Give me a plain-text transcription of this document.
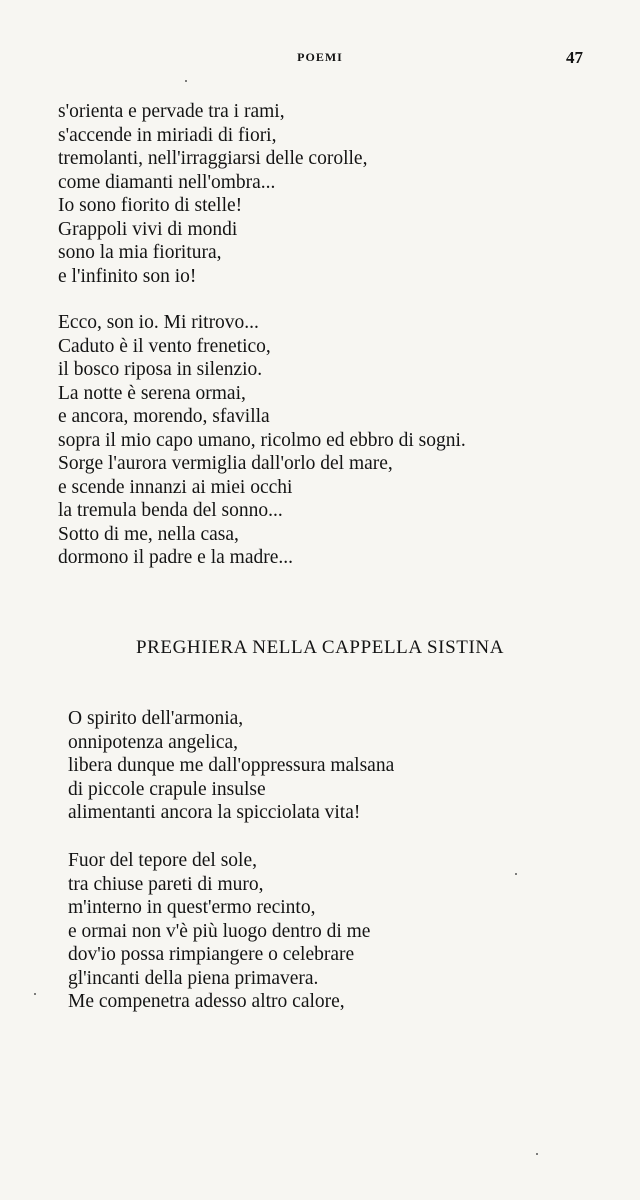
POEMI	47
s'orienta e pervade tra i rami,
s'accende in miriadi di fiori,
tremolanti, nell'irraggiarsi delle corolle,
come diamanti nell'ombra...
Io sono fiorito di stelle!
Grappoli vivi di mondi
sono la mia fioritura,
e l'infinito son io!
Ecco, son io. Mi ritrovo...
Caduto è il vento frenetico,
il bosco riposa in silenzio.
La notte è serena ormai,
e ancora, morendo, sfavilla
sopra il mio capo umano, ricolmo ed ebbro di sogni.
Sorge l'aurora vermiglia dall'orlo del mare,
e scende innanzi ai miei occhi
la tremula benda del sonno...
Sotto di me, nella casa,
dormono il padre e la madre...
PREGHIERA NELLA CAPPELLA SISTINA
O spirito dell'armonia,
onnipotenza angelica,
libera dunque me dall'oppressura malsana
di piccole crapule insulse
alimentanti ancora la spicciolata vita!
Fuor del tepore del sole,
tra chiuse pareti di muro,
m'interno in quest'ermo recinto,
e ormai non v'è più luogo dentro di me
dov'io possa rimpiangere o celebrare
gl'incanti della piena primavera.
Me compenetra adesso altro calore,
